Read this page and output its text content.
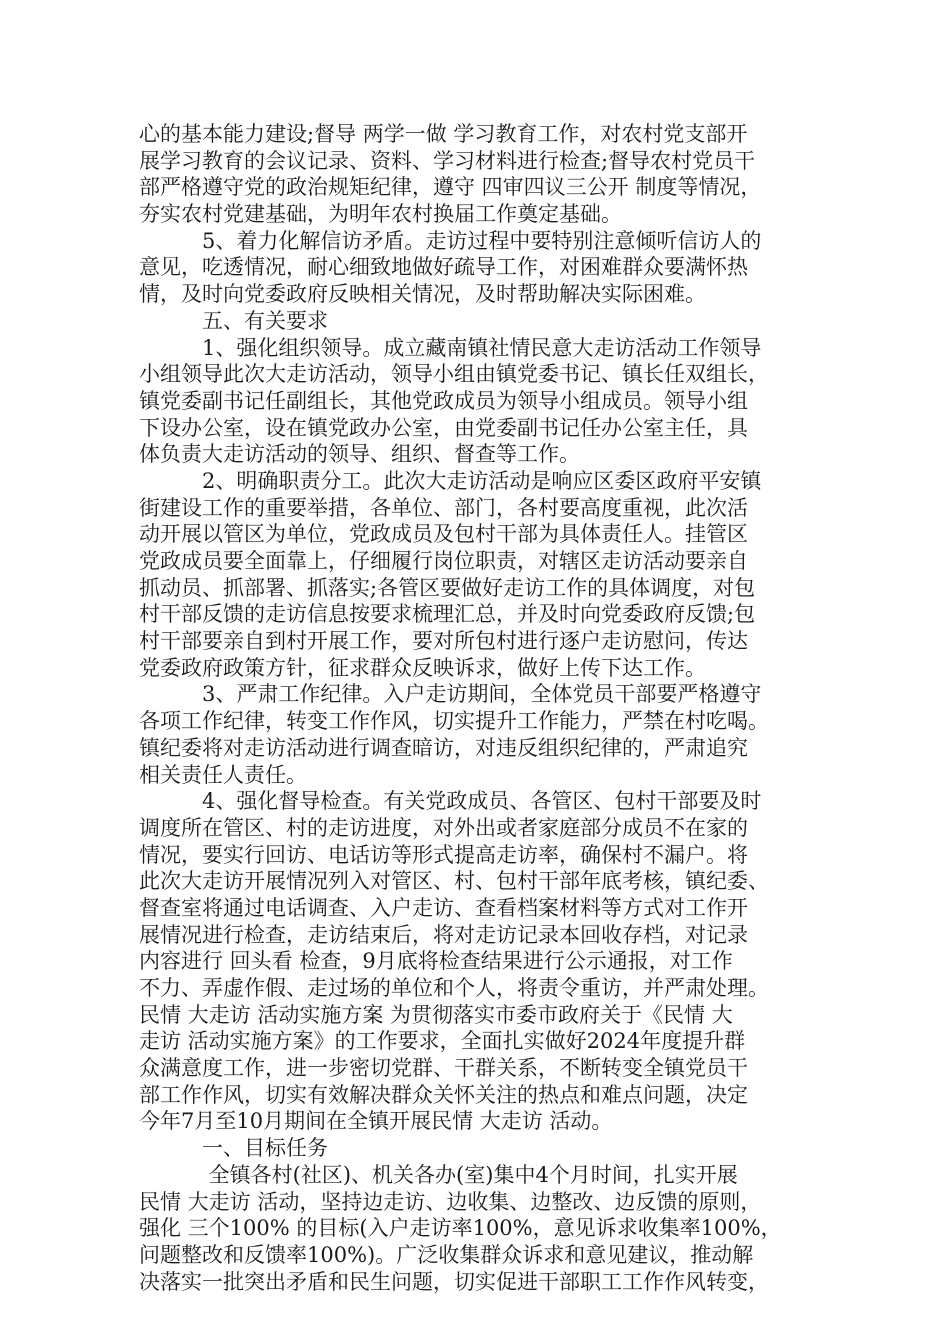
心的基本能力建设;督导 两学一做 学习教育工作，对农村党支部开
展学习教育的会议记录、资料、学习材料进行检查;督导农村党员干
部严格遵守党的政治规矩纪律，遵守 四审四议三公开 制度等情况，
夯实农村党建基础，为明年农村换届工作奠定基础。
　　　5、着力化解信访矛盾。走访过程中要特别注意倾听信访人的
意见，吃透情况，耐心细致地做好疏导工作，对困难群众要满怀热
情，及时向党委政府反映相关情况，及时帮助解决实际困难。
　　　五、有关要求
　　　1、强化组织领导。成立藏南镇社情民意大走访活动工作领导
小组领导此次大走访活动，领导小组由镇党委书记、镇长任双组长，
镇党委副书记任副组长，其他党政成员为领导小组成员。领导小组
下设办公室，设在镇党政办公室，由党委副书记任办公室主任，具
体负责大走访活动的领导、组织、督查等工作。
　　　2、明确职责分工。此次大走访活动是响应区委区政府平安镇
街建设工作的重要举措，各单位、部门，各村要高度重视，此次活
动开展以管区为单位，党政成员及包村干部为具体责任人。挂管区
党政成员要全面靠上，仔细履行岗位职责，对辖区走访活动要亲自
抓动员、抓部署、抓落实;各管区要做好走访工作的具体调度，对包
村干部反馈的走访信息按要求梳理汇总，并及时向党委政府反馈;包
村干部要亲自到村开展工作，要对所包村进行逐户走访慰问，传达
党委政府政策方针，征求群众反映诉求，做好上传下达工作。
　　　3、严肃工作纪律。入户走访期间，全体党员干部要严格遵守
各项工作纪律，转变工作作风，切实提升工作能力，严禁在村吃喝。
镇纪委将对走访活动进行调查暗访，对违反组织纪律的，严肃追究
相关责任人责任。
　　　4、强化督导检查。有关党政成员、各管区、包村干部要及时
调度所在管区、村的走访进度，对外出或者家庭部分成员不在家的
情况，要实行回访、电话访等形式提高走访率，确保村不漏户。将
此次大走访开展情况列入对管区、村、包村干部年底考核，镇纪委、
督查室将通过电话调查、入户走访、查看档案材料等方式对工作开
展情况进行检查，走访结束后，将对走访记录本回收存档，对记录
内容进行 回头看 检查，9月底将检查结果进行公示通报，对工作
不力、弄虚作假、走过场的单位和个人，将责令重访，并严肃处理。
民情 大走访 活动实施方案 为贯彻落实市委市政府关于《民情 大
走访 活动实施方案》的工作要求，全面扎实做好2024年度提升群
众满意度工作，进一步密切党群、干群关系，不断转变全镇党员干
部工作作风，切实有效解决群众关怀关注的热点和难点问题，决定
今年7月至10月期间在全镇开展民情 大走访 活动。
　　　一、目标任务
　　　 全镇各村(社区)、机关各办(室)集中4个月时间，扎实开展
民情 大走访 活动，坚持边走访、边收集、边整改、边反馈的原则，
强化 三个100% 的目标(入户走访率100%，意见诉求收集率100%，
问题整改和反馈率100%)。广泛收集群众诉求和意见建议，推动解
决落实一批突出矛盾和民生问题，切实促进干部职工工作作风转变，
